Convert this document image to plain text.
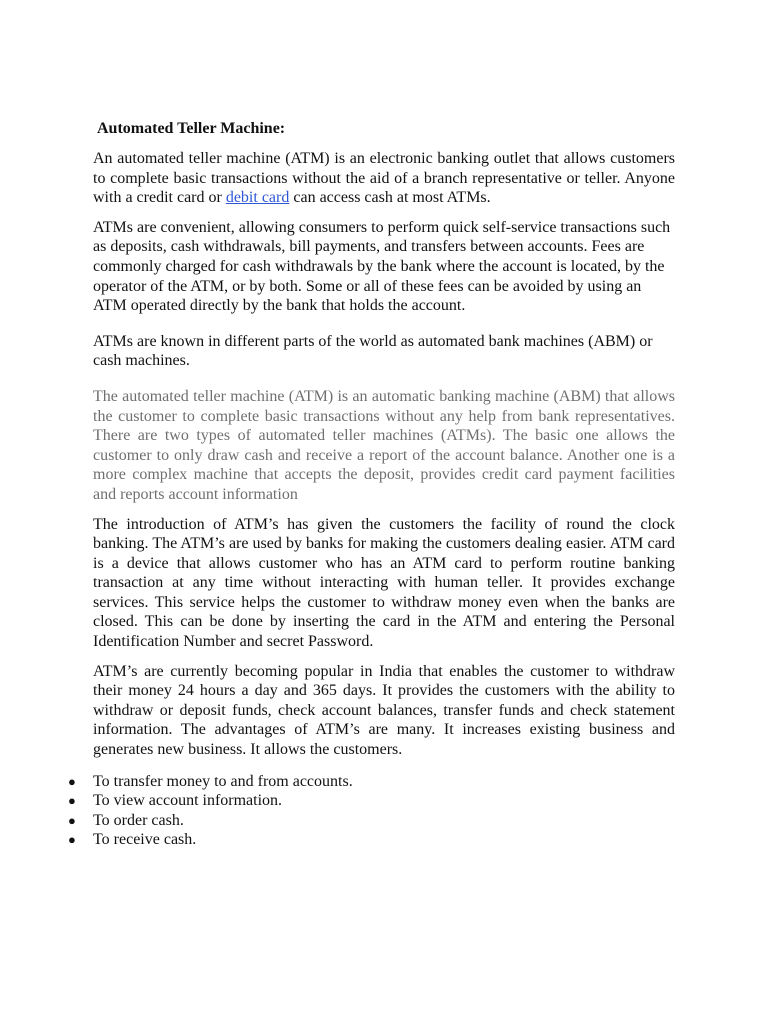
Automated Teller Machine:

An automated teller machine (ATM) is an electronic banking outlet that allows customers to complete basic transactions without the aid of a branch representative or teller. Anyone with a credit card or debit card can access cash at most ATMs.

ATMs are convenient, allowing consumers to perform quick self-service transactions such as deposits, cash withdrawals, bill payments, and transfers between accounts. Fees are commonly charged for cash withdrawals by the bank where the account is located, by the operator of the ATM, or by both. Some or all of these fees can be avoided by using an ATM operated directly by the bank that holds the account.

ATMs are known in different parts of the world as automated bank machines (ABM) or cash machines.

The automated teller machine (ATM) is an automatic banking machine (ABM) that allows the customer to complete basic transactions without any help from bank representatives. There are two types of automated teller machines (ATMs). The basic one allows the customer to only draw cash and receive a report of the account balance. Another one is a more complex machine that accepts the deposit, provides credit card payment facilities and reports account information

The introduction of ATM’s has given the customers the facility of round the clock banking. The ATM’s are used by banks for making the customers dealing easier. ATM card is a device that allows customer who has an ATM card to perform routine banking transaction at any time without interacting with human teller. It provides exchange services. This service helps the customer to withdraw money even when the banks are closed. This can be done by inserting the card in the ATM and entering the Personal Identification Number and secret Password.

ATM’s are currently becoming popular in India that enables the customer to withdraw their money 24 hours a day and 365 days. It provides the customers with the ability to withdraw or deposit funds, check account balances, transfer funds and check statement information. The advantages of ATM’s are many. It increases existing business and generates new business. It allows the customers.

●	To transfer money to and from accounts.
●	To view account information.
●	To order cash.
●	To receive cash.
